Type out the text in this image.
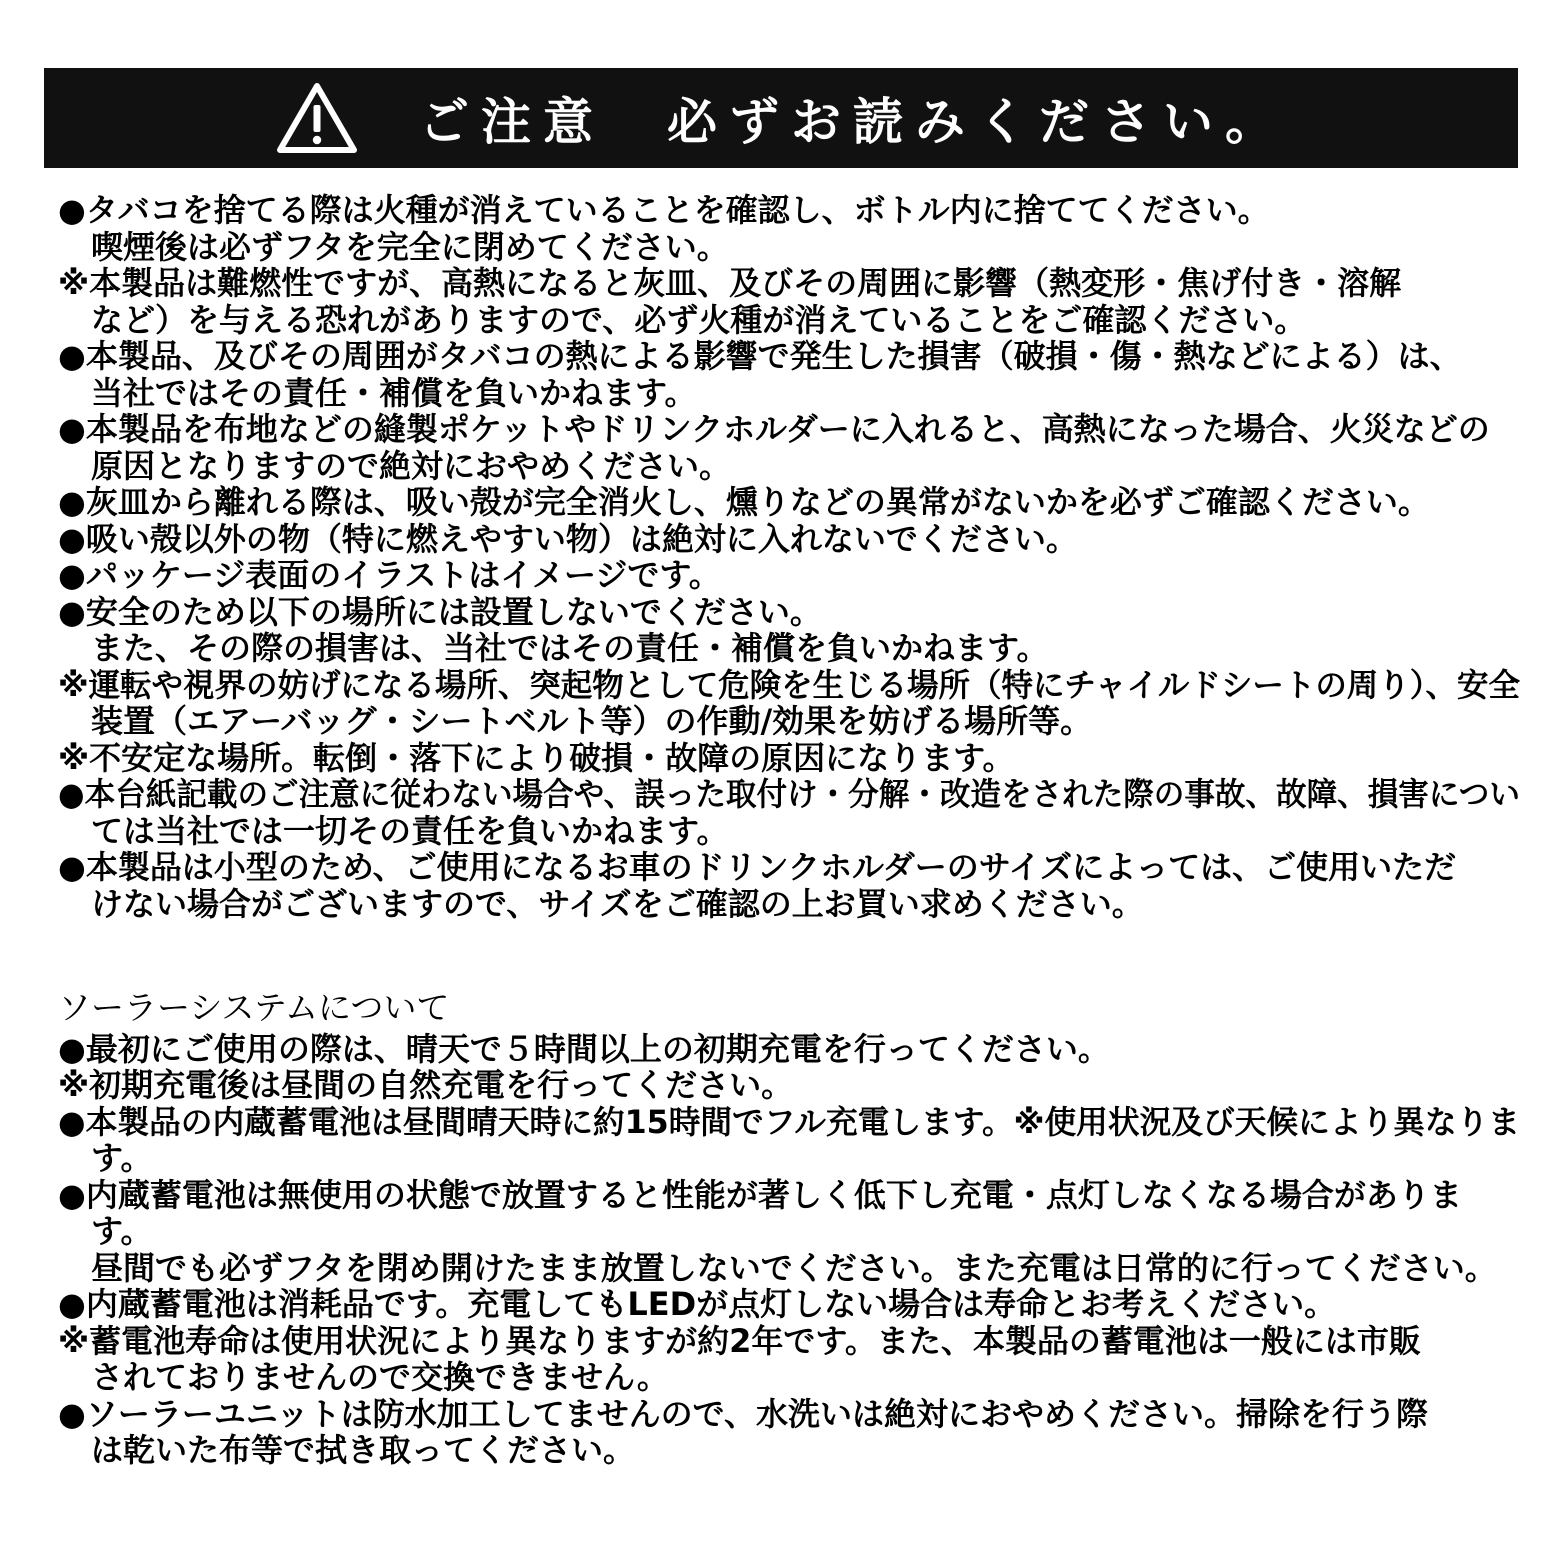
ご注意　必ずお読みください。
●タバコを捨てる際は火種が消えていることを確認し、ボトル内に捨ててください。
喫煙後は必ずフタを完全に閉めてください。
※本製品は難燃性ですが、高熱になると灰皿、及びその周囲に影響（熱変形・焦げ付き・溶解
など）を与える恐れがありますので、必ず火種が消えていることをご確認ください。
●本製品、及びその周囲がタバコの熱による影響で発生した損害（破損・傷・熱などによる）は、
当社ではその責任・補償を負いかねます。
●本製品を布地などの縫製ポケットやドリンクホルダーに入れると、高熱になった場合、火災などの
原因となりますので絶対におやめください。
●灰皿から離れる際は、吸い殻が完全消火し、燻りなどの異常がないかを必ずご確認ください。
●吸い殻以外の物（特に燃えやすい物）は絶対に入れないでください。
●パッケージ表面のイラストはイメージです。
●安全のため以下の場所には設置しないでください。
また、その際の損害は、当社ではその責任・補償を負いかねます。
※運転や視界の妨げになる場所、突起物として危険を生じる場所（特にチャイルドシートの周り）、安全
装置（エアーバッグ・シートベルト等）の作動/効果を妨げる場所等。
※不安定な場所。転倒・落下により破損・故障の原因になります。
●本台紙記載のご注意に従わない場合や、誤った取付け・分解・改造をされた際の事故、故障、損害につい
ては当社では一切その責任を負いかねます。
●本製品は小型のため、ご使用になるお車のドリンクホルダーのサイズによっては、ご使用いただ
けない場合がございますので、サイズをご確認の上お買い求めください。
ソーラーシステムについて
●最初にご使用の際は、晴天で５時間以上の初期充電を行ってください。
※初期充電後は昼間の自然充電を行ってください。
●本製品の内蔵蓄電池は昼間晴天時に約15時間でフル充電します。※使用状況及び天候により異なりま
す。
●内蔵蓄電池は無使用の状態で放置すると性能が著しく低下し充電・点灯しなくなる場合がありま
す。
昼間でも必ずフタを閉め開けたまま放置しないでください。また充電は日常的に行ってください。
●内蔵蓄電池は消耗品です。充電してもLEDが点灯しない場合は寿命とお考えください。
※蓄電池寿命は使用状況により異なりますが約2年です。また、本製品の蓄電池は一般には市販
されておりませんので交換できません。
●ソーラーユニットは防水加工してませんので、水洗いは絶対におやめください。掃除を行う際
は乾いた布等で拭き取ってください。
